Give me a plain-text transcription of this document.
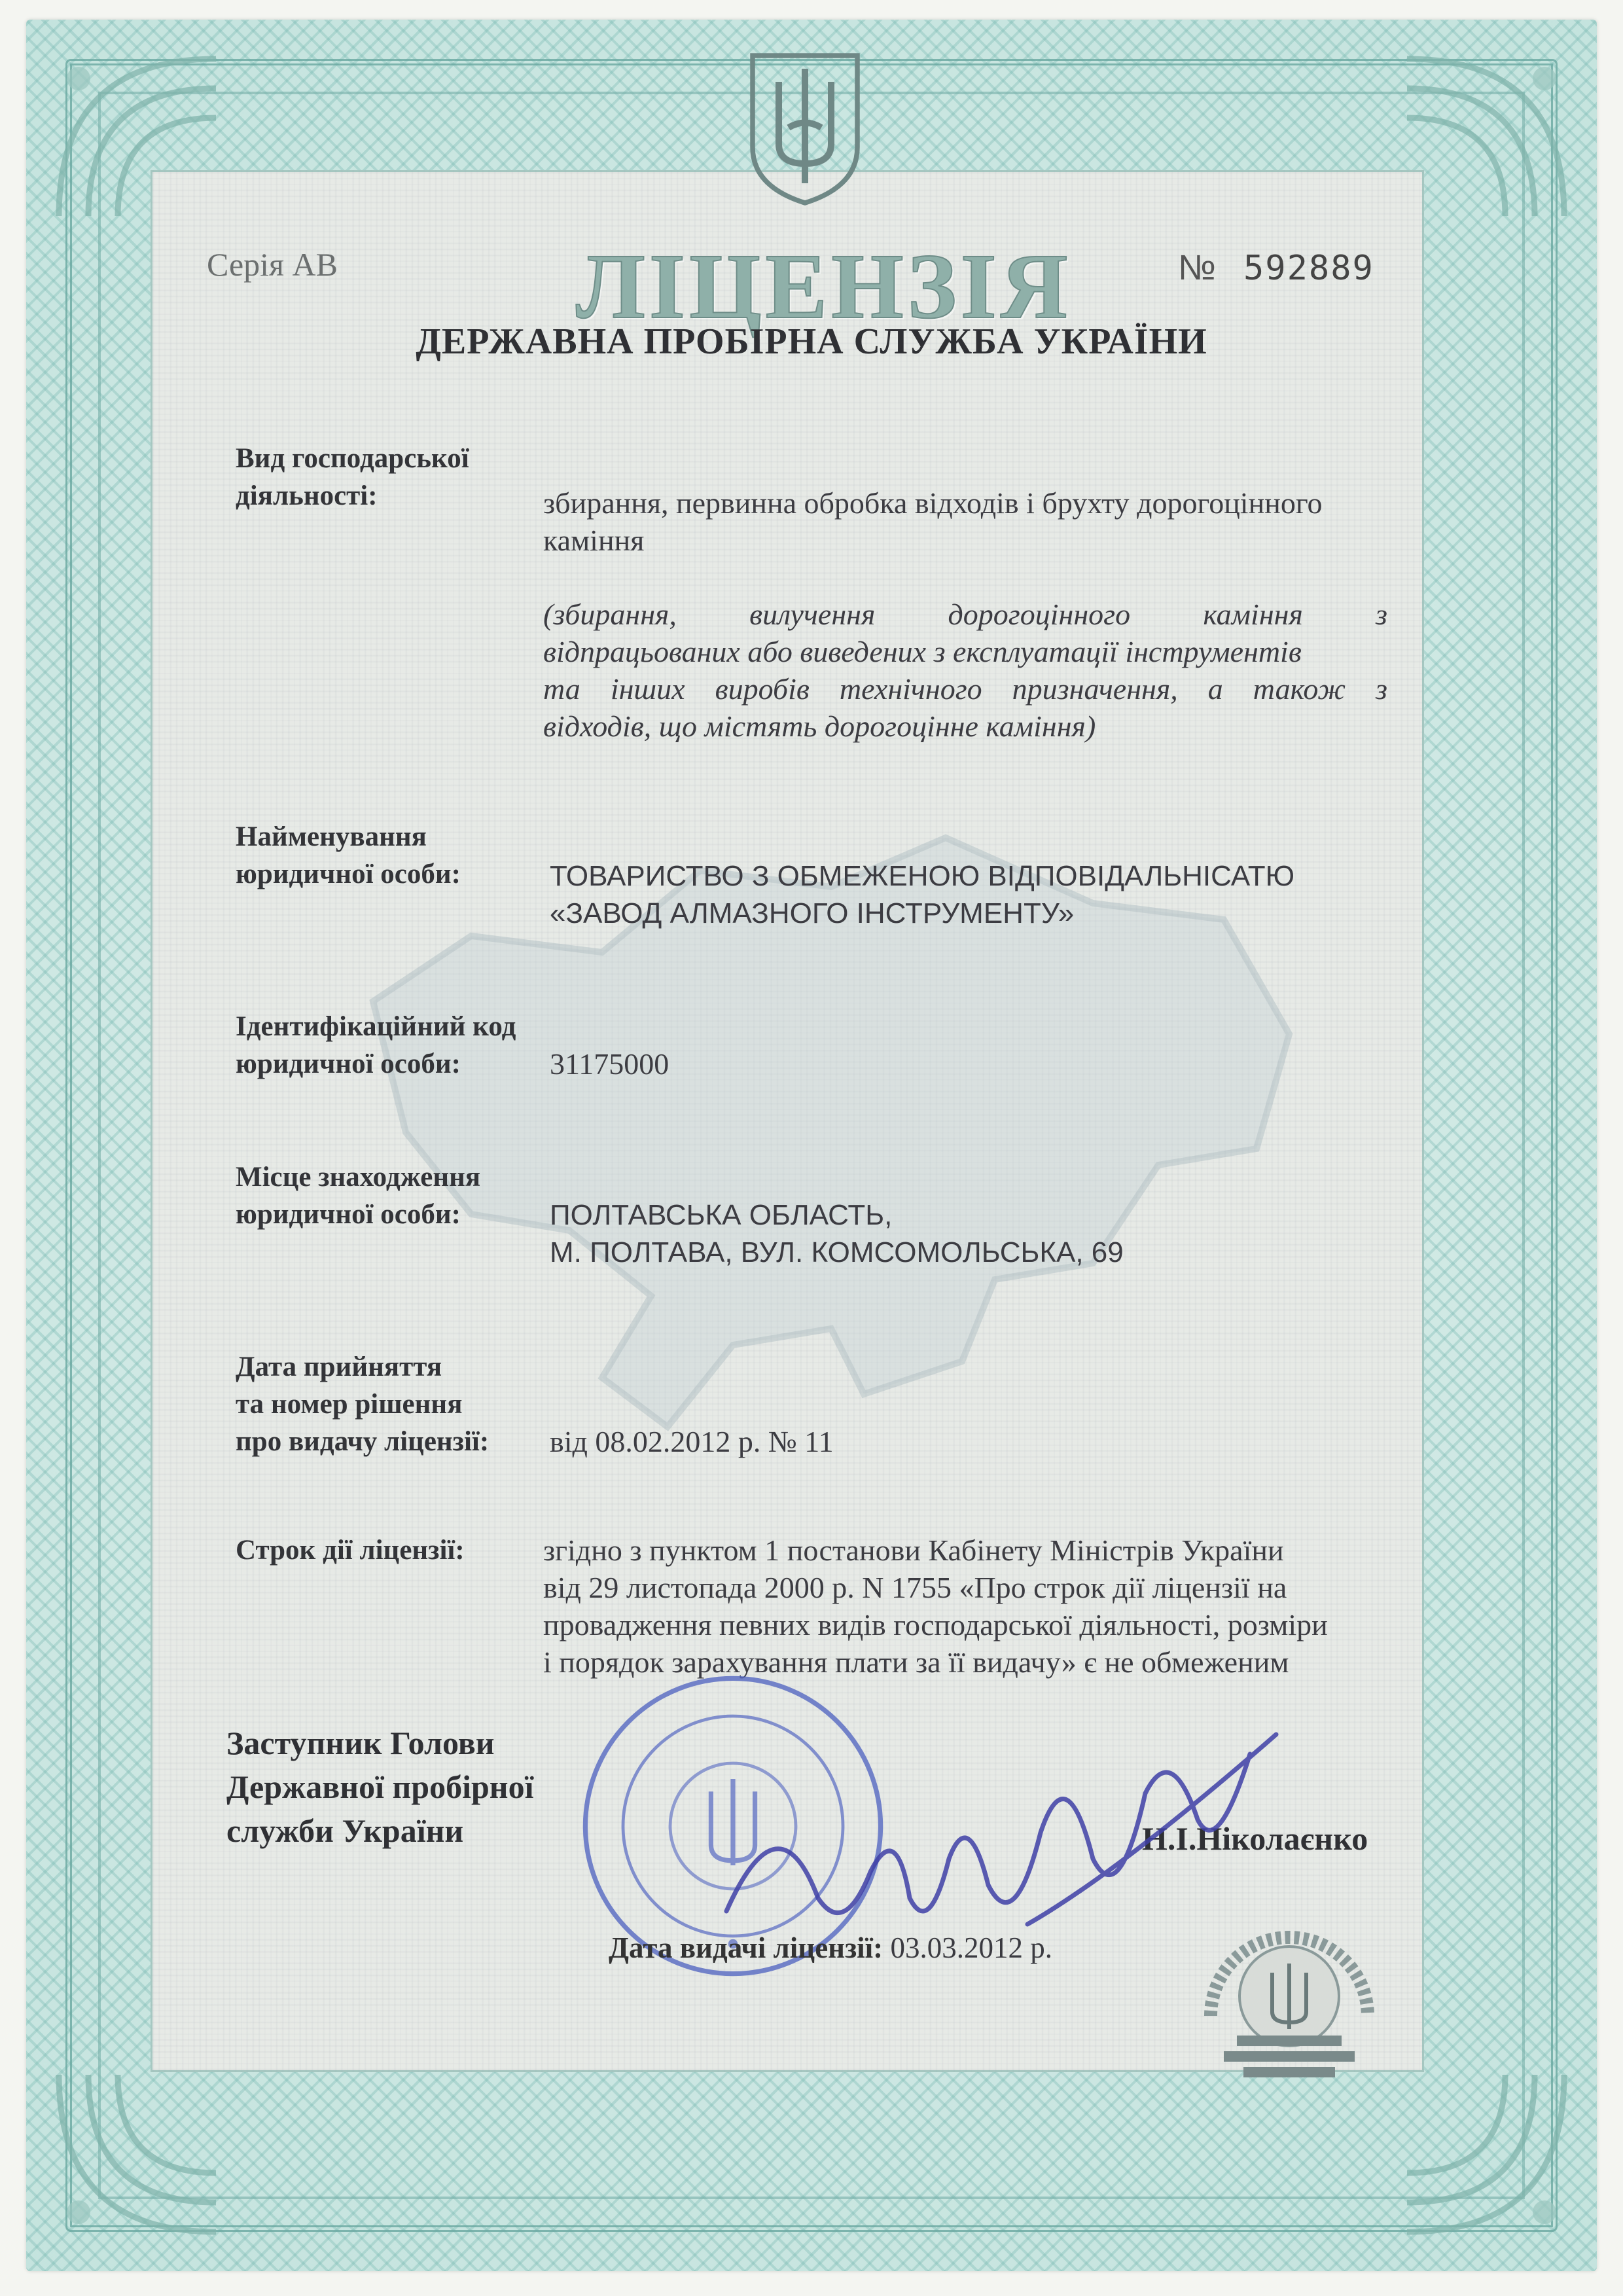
Серія АВ	ЛІЦЕНЗІЯ	№ 592889
ДЕРЖАВНА ПРОБІРНА СЛУЖБА УКРАЇНИ
Вид господарської
діяльності:	збирання, первинна обробка відходів і брухту дорогоцінного
каміння
(збирання, вилучення дорогоцінного каміння з
відпрацьованих або виведених з експлуатації інструментів
та інших виробів технічного призначення, а також з
відходів, що містять дорогоцінне каміння)
Найменування
юридичної особи:	ТОВАРИСТВО З ОБМЕЖЕНОЮ ВІДПОВІДАЛЬНІСАТЮ
«ЗАВОД АЛМАЗНОГО ІНСТРУМЕНТУ»
Ідентифікаційний код
юридичної особи:	31175000
Місце знаходження
юридичної особи:	ПОЛТАВСЬКА ОБЛАСТЬ,
М. ПОЛТАВА, ВУЛ. КОМСОМОЛЬСЬКА, 69
Дата прийняття
та номер рішення
про видачу ліцензії: від 08.02.2012 р. № 11
Строк дії ліцензії:	згідно з пунктом 1 постанови Кабінету Міністрів України
від 29 листопада 2000 р. N 1755 «Про строк дії ліцензії на
провадження певних видів господарської діяльності, розміри
і порядок зарахування плати за її видачу» є не обмеженим
Заступник Голови
Державної пробірної
служби України	Н.І.Ніколаєнко
Дата видачі ліцензії: 03.03.2012 р.
